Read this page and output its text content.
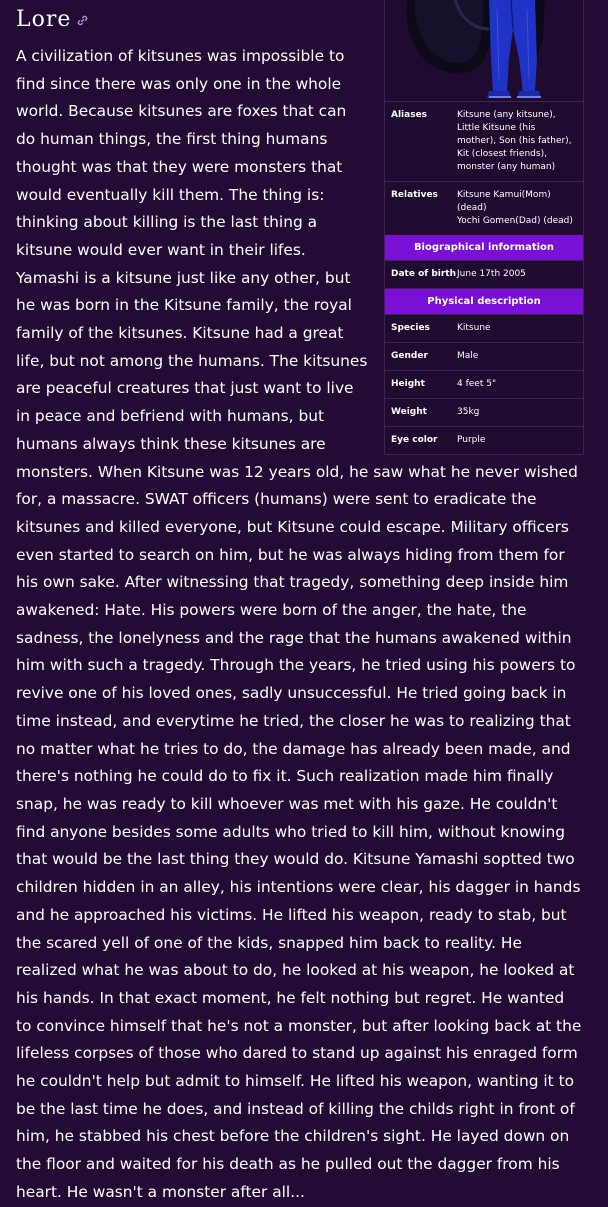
Aliases	Kitsune (any kitsune), Little Kitsune (his mother), Son (his father), Kit (closest friends), monster (any human)
Relatives	Kitsune Kamui(Mom) (dead)
Yochi Gomen(Dad) (dead)
Biographical information
Date of birth June 17th 2005
Physical description
Species	Kitsune
Gender	Male
Height	4 feet 5"
Weight	35kg
Eye color	Purple
Lore

A civilization of kitsunes was impossible to find since there was only one in the whole world. Because kitsunes are foxes that can do human things, the first thing humans thought was that they were monsters that would eventually kill them. The thing is: thinking about killing is the last thing a kitsune would ever want in their lifes. Yamashi is a kitsune just like any other, but he was born in the Kitsune family, the royal family of the kitsunes. Kitsune had a great life, but not among the humans. The kitsunes are peaceful creatures that just want to live in peace and befriend with humans, but humans always think these kitsunes are monsters. When Kitsune was 12 years old, he saw what he never wished for, a massacre. SWAT officers (humans) were sent to eradicate the kitsunes and killed everyone, but Kitsune could escape. Military officers even started to search on him, but he was always hiding from them for his own sake. After witnessing that tragedy, something deep inside him awakened: Hate. His powers were born of the anger, the hate, the sadness, the lonelyness and the rage that the humans awakened within him with such a tragedy. Through the years, he tried using his powers to revive one of his loved ones, sadly unsuccessful. He tried going back in time instead, and everytime he tried, the closer he was to realizing that no matter what he tries to do, the damage has already been made, and there's nothing he could do to fix it. Such realization made him finally snap, he was ready to kill whoever was met with his gaze. He couldn't find anyone besides some adults who tried to kill him, without knowing that would be the last thing they would do. Kitsune Yamashi soptted two children hidden in an alley, his intentions were clear, his dagger in hands and he approached his victims. He lifted his weapon, ready to stab, but the scared yell of one of the kids, snapped him back to reality. He realized what he was about to do, he looked at his weapon, he looked at his hands. In that exact moment, he felt nothing but regret. He wanted to convince himself that he's not a monster, but after looking back at the lifeless corpses of those who dared to stand up against his enraged form he couldn't help but admit to himself. He lifted his weapon, wanting it to be the last time he does, and instead of killing the childs right in front of him, he stabbed his chest before the children's sight. He layed down on the floor and waited for his death as he pulled out the dagger from his heart. He wasn't a monster after all...
